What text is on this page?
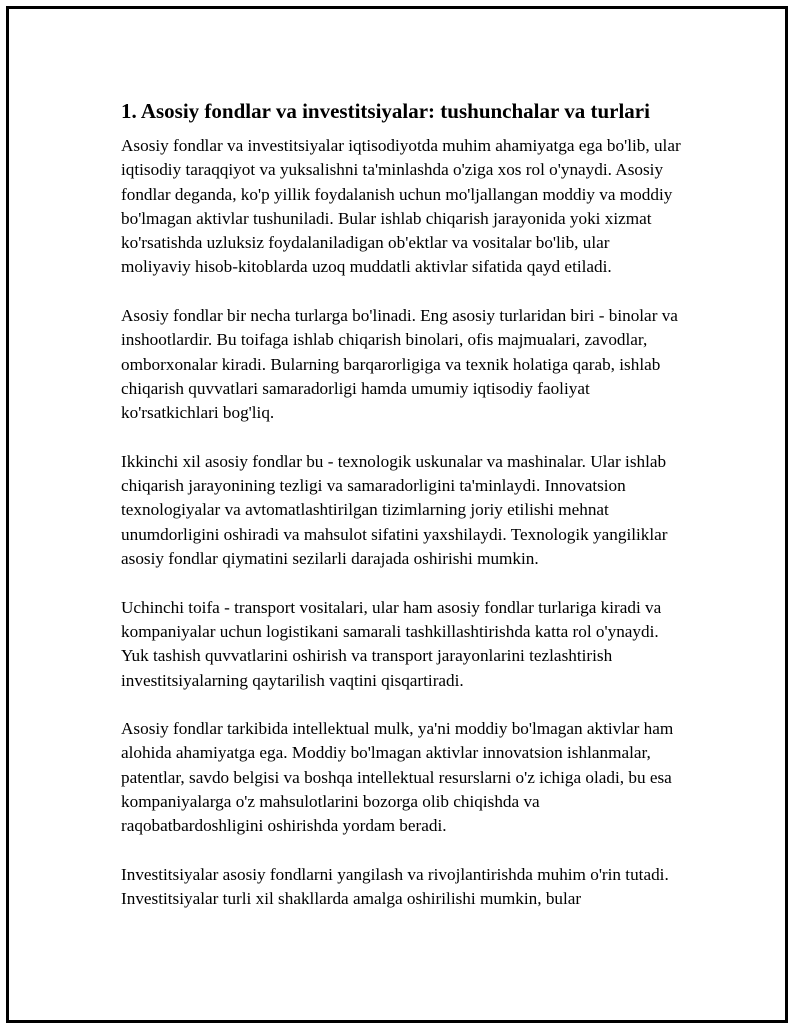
1. Asosiy fondlar va investitsiyalar: tushunchalar va turlari

Asosiy fondlar va investitsiyalar iqtisodiyotda muhim ahamiyatga ega bo'lib, ular iqtisodiy taraqqiyot va yuksalishni ta'minlashda o'ziga xos rol o'ynaydi. Asosiy fondlar deganda, ko'p yillik foydalanish uchun mo'ljallangan moddiy va moddiy bo'lmagan aktivlar tushuniladi. Bular ishlab chiqarish jarayonida yoki xizmat ko'rsatishda uzluksiz foydalaniladigan ob'ektlar va vositalar bo'lib, ular moliyaviy hisob-kitoblarda uzoq muddatli aktivlar sifatida qayd etiladi.

Asosiy fondlar bir necha turlarga bo'linadi. Eng asosiy turlaridan biri - binolar va inshootlardir. Bu toifaga ishlab chiqarish binolari, ofis majmualari, zavodlar, omborxonalar kiradi. Bularning barqarorligiga va texnik holatiga qarab, ishlab chiqarish quvvatlari samaradorligi hamda umumiy iqtisodiy faoliyat ko'rsatkichlari bog'liq.

Ikkinchi xil asosiy fondlar bu - texnologik uskunalar va mashinalar. Ular ishlab chiqarish jarayonining tezligi va samaradorligini ta'minlaydi. Innovatsion texnologiyalar va avtomatlashtirilgan tizimlarning joriy etilishi mehnat unumdorligini oshiradi va mahsulot sifatini yaxshilaydi. Texnologik yangiliklar asosiy fondlar qiymatini sezilarli darajada oshirishi mumkin.

Uchinchi toifa - transport vositalari, ular ham asosiy fondlar turlariga kiradi va kompaniyalar uchun logistikani samarali tashkillashtirishda katta rol o'ynaydi. Yuk tashish quvvatlarini oshirish va transport jarayonlarini tezlashtirish investitsiyalarning qaytarilish vaqtini qisqartiradi.

Asosiy fondlar tarkibida intellektual mulk, ya'ni moddiy bo'lmagan aktivlar ham alohida ahamiyatga ega. Moddiy bo'lmagan aktivlar innovatsion ishlanmalar, patentlar, savdo belgisi va boshqa intellektual resurslarni o'z ichiga oladi, bu esa kompaniyalarga o'z mahsulotlarini bozorga olib chiqishda va raqobatbardoshligini oshirishda yordam beradi.

Investitsiyalar asosiy fondlarni yangilash va rivojlantirishda muhim o'rin tutadi. Investitsiyalar turli xil shakllarda amalga oshirilishi mumkin, bular
